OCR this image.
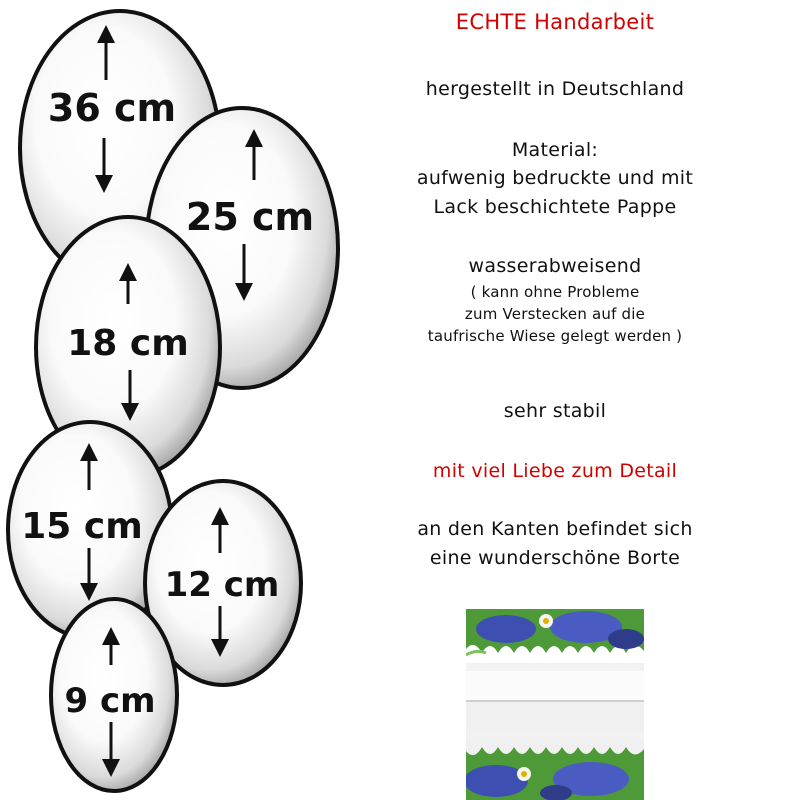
36 cm
25 cm
18 cm
15 cm
12 cm
9 cm
ECHTE Handarbeit
hergestellt in Deutschland
Material:
aufwenig bedruckte und mit
Lack beschichtete Pappe
wasserabweisend
( kann ohne Probleme
zum Verstecken auf die
taufrische Wiese gelegt werden )
sehr stabil
mit viel Liebe zum Detail
an den Kanten befindet sich
eine wunderschöne Borte
